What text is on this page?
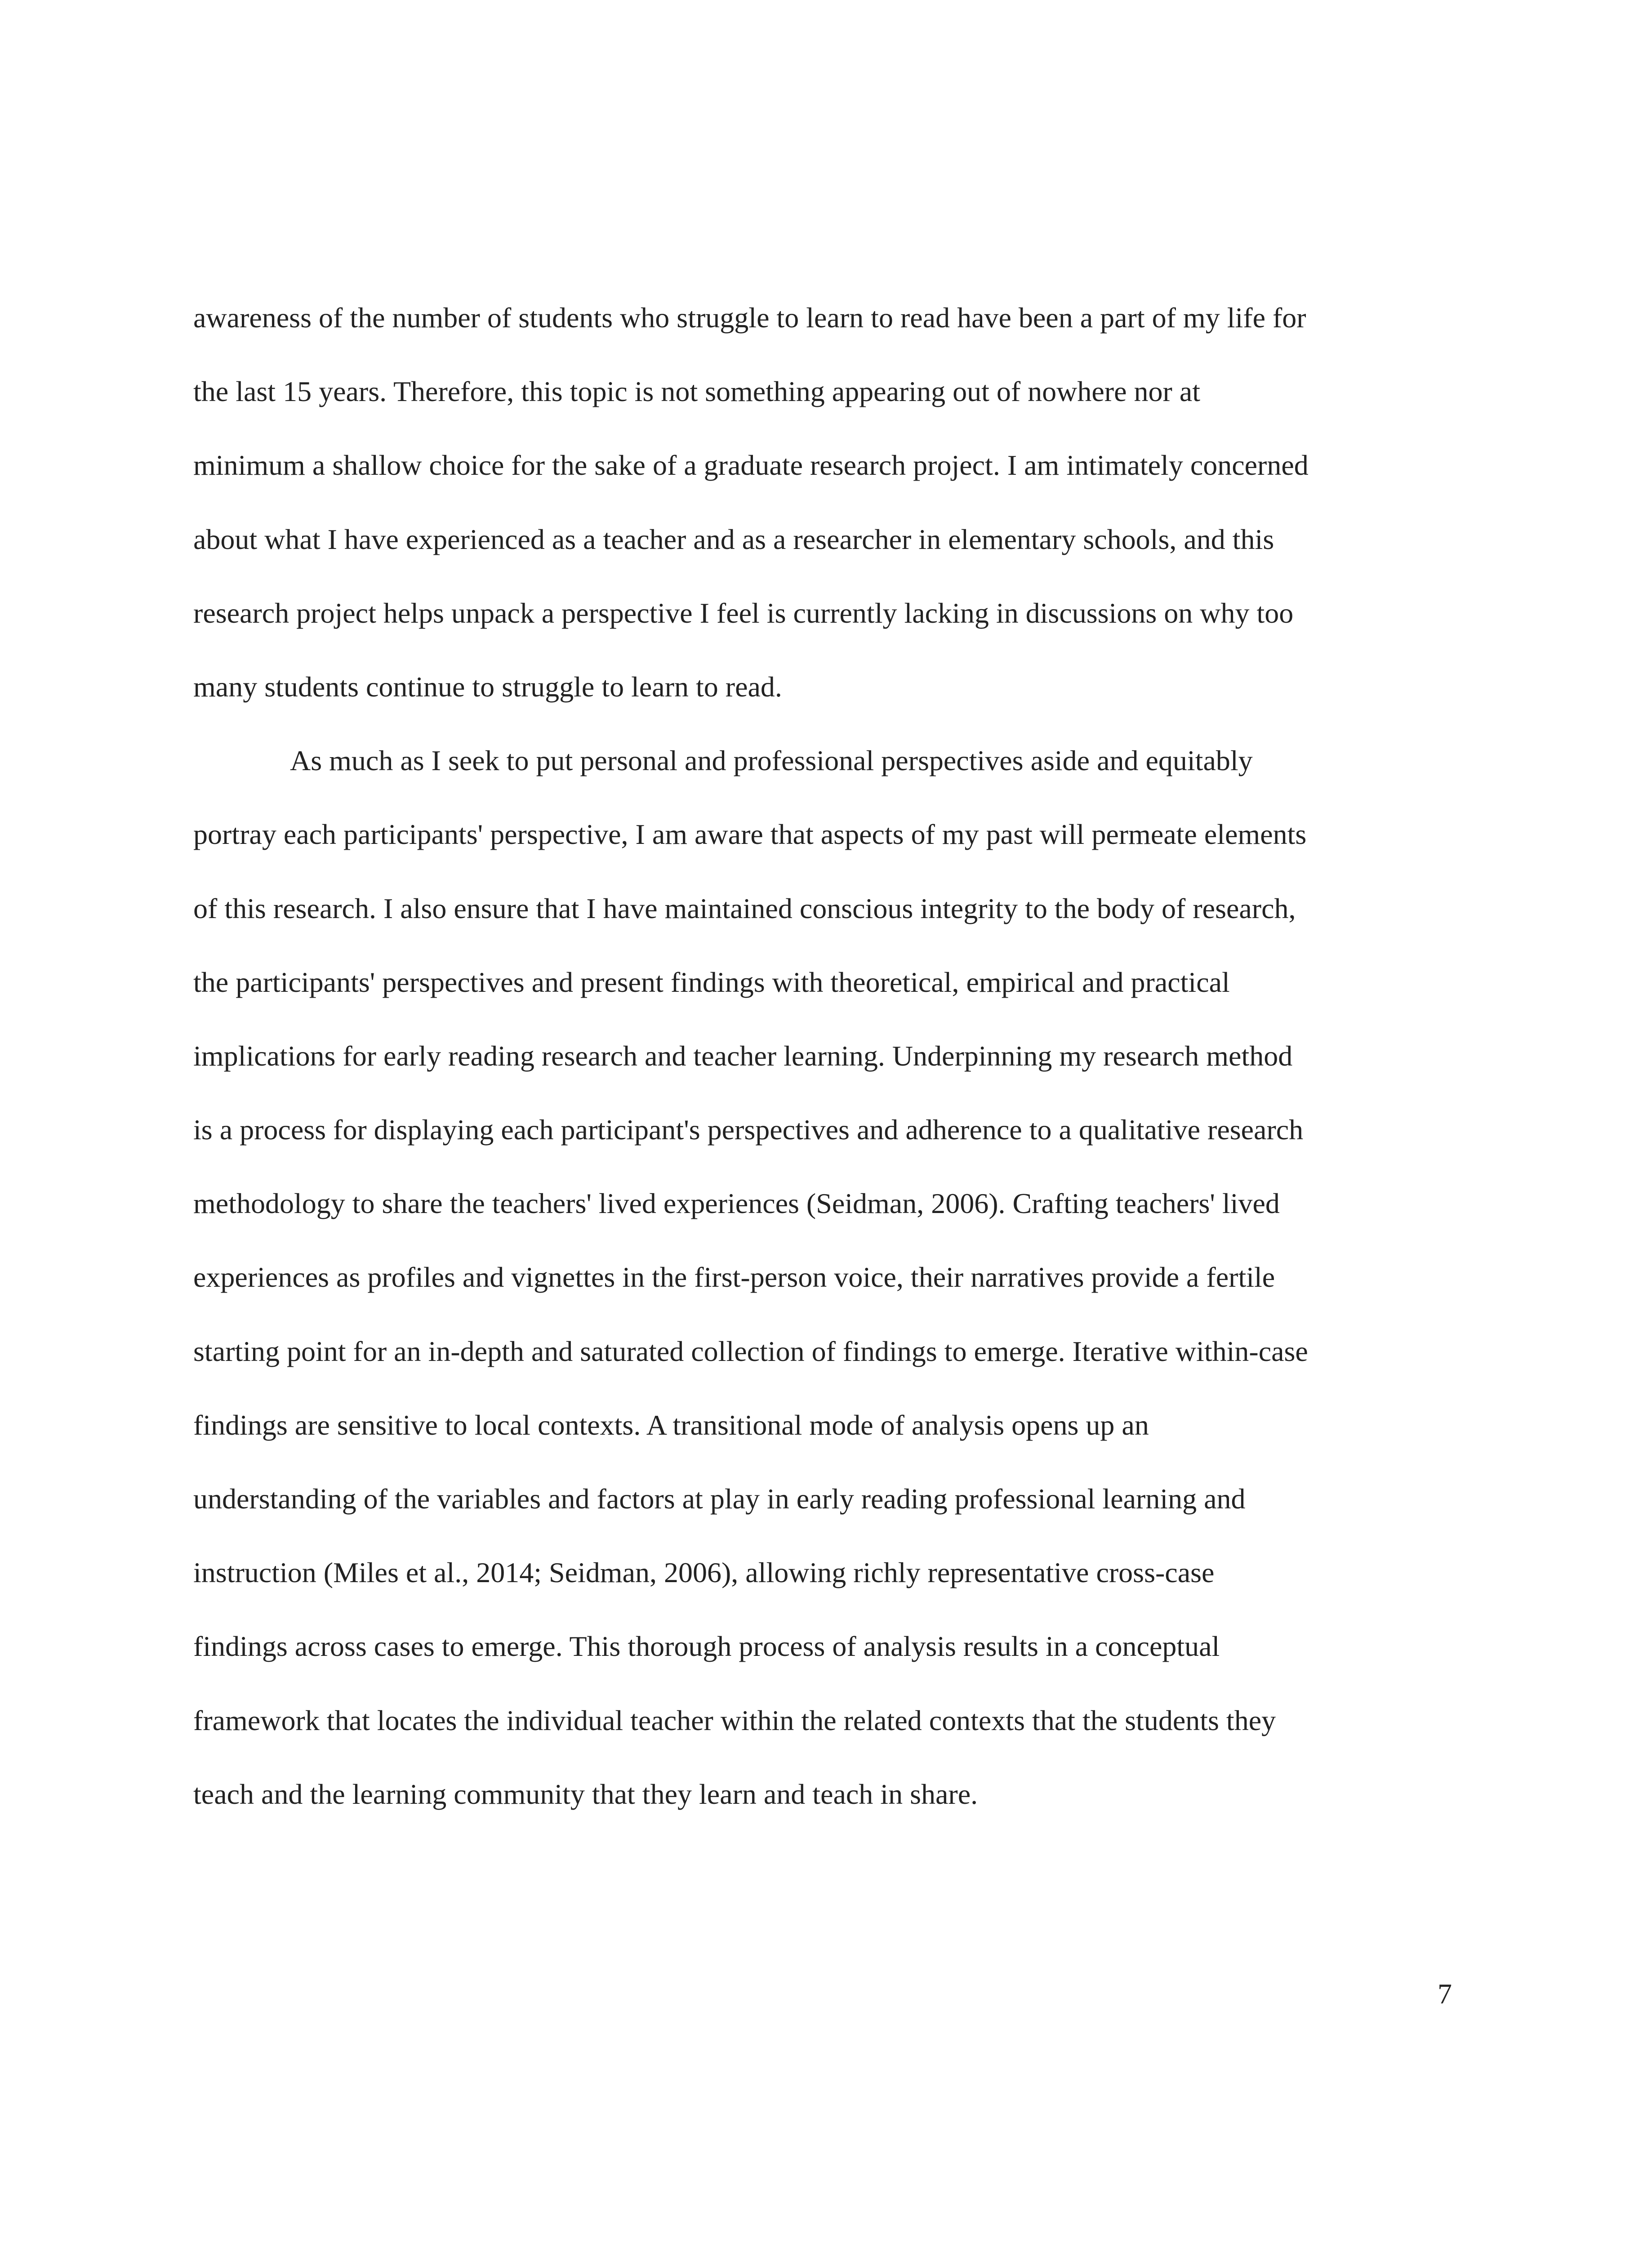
awareness of the number of students who struggle to learn to read have been a part of my life for
the last 15 years. Therefore, this topic is not something appearing out of nowhere nor at
minimum a shallow choice for the sake of a graduate research project. I am intimately concerned
about what I have experienced as a teacher and as a researcher in elementary schools, and this
research project helps unpack a perspective I feel is currently lacking in discussions on why too
many students continue to struggle to learn to read.
As much as I seek to put personal and professional perspectives aside and equitably
portray each participants' perspective, I am aware that aspects of my past will permeate elements
of this research. I also ensure that I have maintained conscious integrity to the body of research,
the participants' perspectives and present findings with theoretical, empirical and practical
implications for early reading research and teacher learning. Underpinning my research method
is a process for displaying each participant's perspectives and adherence to a qualitative research
methodology to share the teachers' lived experiences (Seidman, 2006). Crafting teachers' lived
experiences as profiles and vignettes in the first-person voice, their narratives provide a fertile
starting point for an in-depth and saturated collection of findings to emerge. Iterative within-case
findings are sensitive to local contexts. A transitional mode of analysis opens up an
understanding of the variables and factors at play in early reading professional learning and
instruction (Miles et al., 2014; Seidman, 2006), allowing richly representative cross-case
findings across cases to emerge. This thorough process of analysis results in a conceptual
framework that locates the individual teacher within the related contexts that the students they
teach and the learning community that they learn and teach in share.
7
